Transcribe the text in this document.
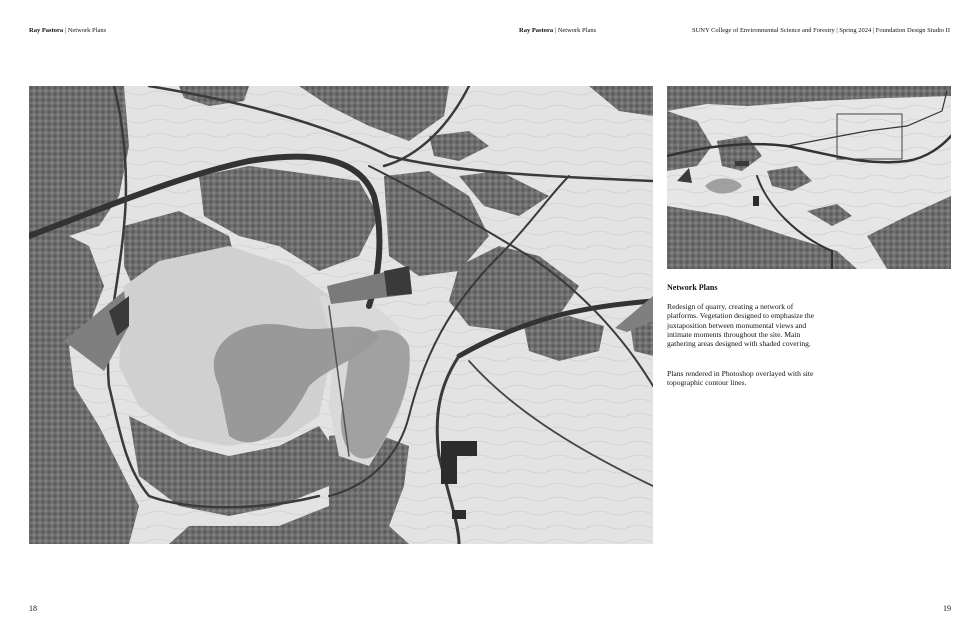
Ray Pastora | Network Plans	Ray Pastora | Network Plans	SUNY College of Environmental Science and Forestry | Spring 2024 | Foundation Design Studio II
Network Plans
Redesign of quarry, creating a network of platforms. Vegetation designed to emphasize the juxtaposition between monumental views and intimate moments throughout the site. Main gathering areas designed with shaded covering.
Plans rendered in Photoshop overlayed with site topographic contour lines.
18	19
